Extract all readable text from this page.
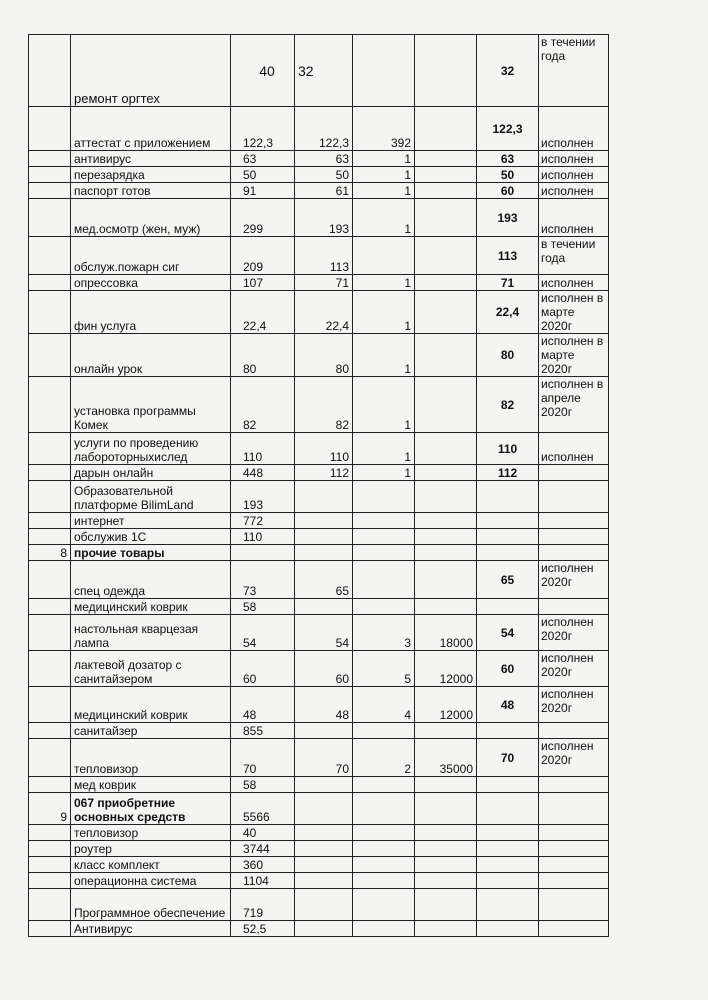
	ремонт оргтех	40	32			32	в течении года
	аттестат с приложением	122,3	122,3	392		122,3	исполнен
	антивирус	63	63	1		63	исполнен
	перезарядка	50	50	1		50	исполнен
	паспорт готов	91	61	1		60	исполнен
	мед.осмотр (жен, муж)	299	193	1		193	исполнен
	обслуж.пожарн сиг	209	113			113	в течении года
	опрессовка	107	71	1		71	исполнен
	фин услуга	22,4	22,4	1		22,4	исполнен в марте 2020г
	онлайн урок	80	80	1		80	исполнен в марте 2020г
	установка программы Комек	82	82	1		82	исполнен в апреле 2020г
	услуги по проведению лабороторныхислед	110	110	1		110	исполнен
	дарын онлайн	448	112	1		112	
	Образовательной платформе BilimLand	193					
	интернет	772					
	обслужив 1С	110					
8	прочие товары						
	спец одежда	73	65			65	исполнен 2020г
	медицинский коврик	58					
	настольная кварцезая лампа	54	54	3	18000	54	исполнен 2020г
	лактевой дозатор с санитайзером	60	60	5	12000	60	исполнен 2020г
	медицинский коврик	48	48	4	12000	48	исполнен 2020г
	санитайзер	855					
	тепловизор	70	70	2	35000	70	исполнен 2020г
	мед коврик	58					
9	067 приобретние основных средств	5566					
	тепловизор	40					
	роутер	3744					
	класс комплект	360					
	операционна система	1104					
	Программное обеспечение	719					
	Антивирус	52,5					
